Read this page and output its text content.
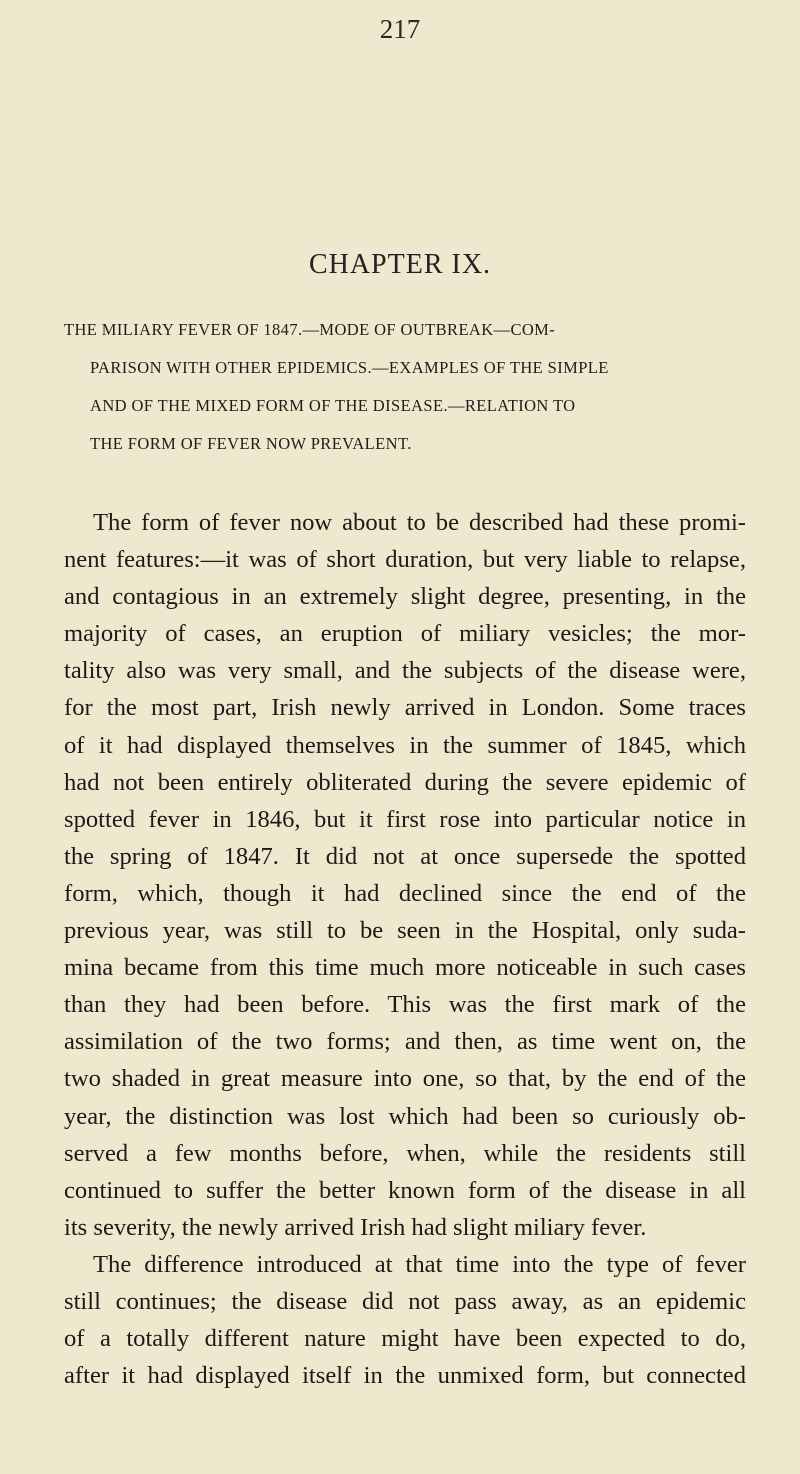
217
CHAPTER IX.
THE MILIARY FEVER OF 1847.—MODE OF OUTBREAK—COM-
PARISON WITH OTHER EPIDEMICS.—EXAMPLES OF THE SIMPLE
AND OF THE MIXED FORM OF THE DISEASE.—RELATION TO
THE FORM OF FEVER NOW PREVALENT.
The form of fever now about to be described had these promi-
nent features:—it was of short duration, but very liable to relapse,
and contagious in an extremely slight degree, presenting, in the
majority of cases, an eruption of miliary vesicles; the mor-
tality also was very small, and the subjects of the disease were,
for the most part, Irish newly arrived in London. Some traces
of it had displayed themselves in the summer of 1845, which
had not been entirely obliterated during the severe epidemic of
spotted fever in 1846, but it first rose into particular notice in
the spring of 1847. It did not at once supersede the spotted
form, which, though it had declined since the end of the
previous year, was still to be seen in the Hospital, only suda-
mina became from this time much more noticeable in such cases
than they had been before. This was the first mark of the
assimilation of the two forms; and then, as time went on, the
two shaded in great measure into one, so that, by the end of the
year, the distinction was lost which had been so curiously ob-
served a few months before, when, while the residents still
continued to suffer the better known form of the disease in all
its severity, the newly arrived Irish had slight miliary fever.
The difference introduced at that time into the type of fever
still continues; the disease did not pass away, as an epidemic
of a totally different nature might have been expected to do,
after it had displayed itself in the unmixed form, but connected
